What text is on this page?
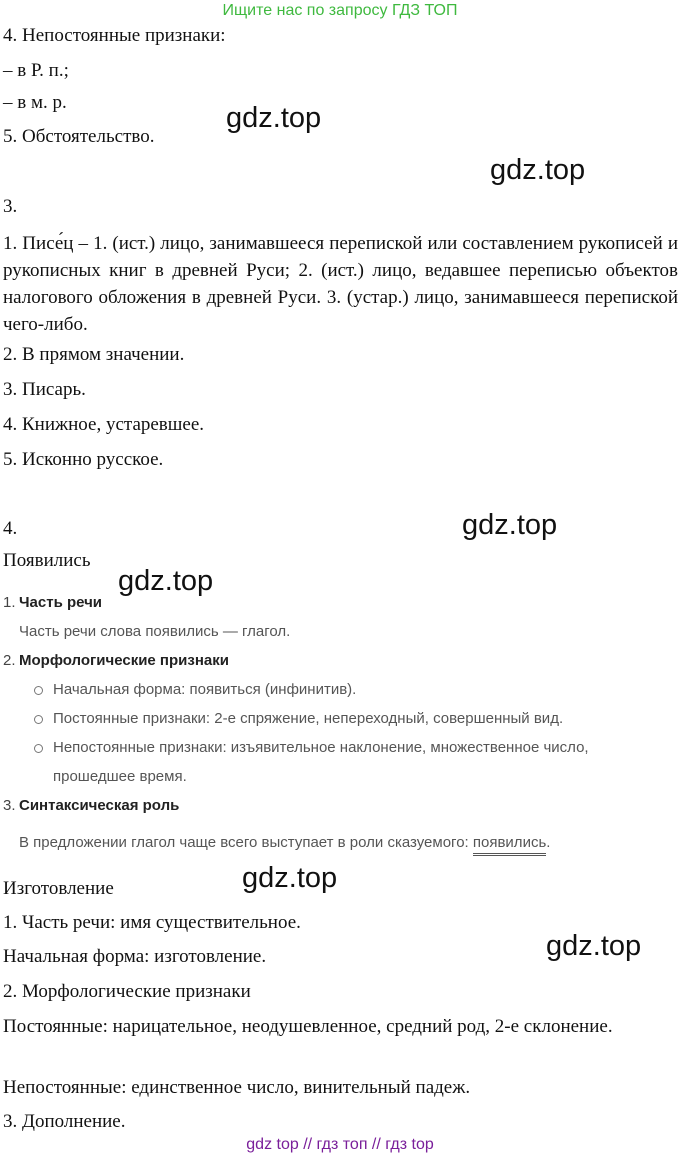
Ищите нас по запросу ГДЗ ТОП
4. Непостоянные признаки:
– в Р. п.;
– в м. р.
5. Обстоятельство.
gdz.top
gdz.top
3.
1. Писе́ц – 1. (ист.) лицо, занимавшееся перепиской или составлением рукописей и рукописных книг в древней Руси; 2. (ист.) лицо, ведавшее переписью объектов налогового обложения в древней Руси. 3. (устар.) лицо, занимавшееся перепиской чего-либо.
2. В прямом значении.
3. Писарь.
4. Книжное, устаревшее.
5. Исконно русское.
4.	gdz.top
Появились
gdz.top
1. Часть речи
Часть речи слова появились — глагол.
2. Морфологические признаки
Начальная форма: появиться (инфинитив).
Постоянные признаки: 2-е спряжение, непереходный, совершенный вид.
Непостоянные признаки: изъявительное наклонение, множественное число,
прошедшее время.
3. Синтаксическая роль
В предложении глагол чаще всего выступает в роли сказуемого: появились.
Изготовление	gdz.top
1. Часть речи: имя существительное.
gdz.top
Начальная форма: изготовление.
2. Морфологические признаки
Постоянные: нарицательное, неодушевленное, средний род, 2-е склонение.
Непостоянные: единственное число, винительный падеж.
3. Дополнение.
gdz top // гдз топ // гдз top
